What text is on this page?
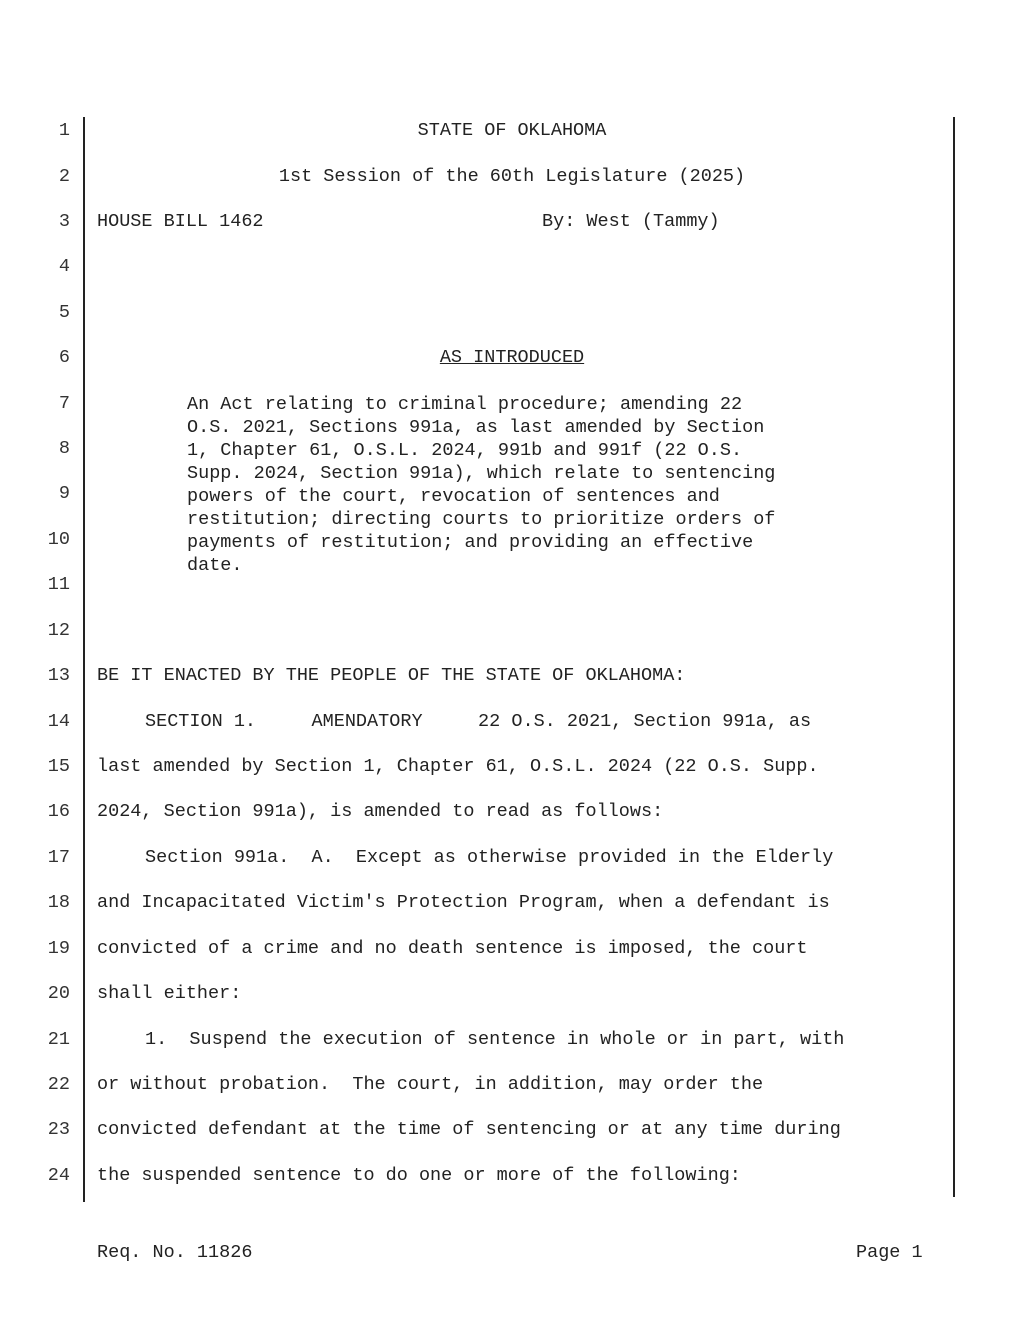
1
2
3
4
5
6
7
8
9
10
11
12
13
14
15
16
17
18
19
20
21
22
23
24
STATE OF OKLAHOMA
1st Session of the 60th Legislature (2025)
HOUSE BILL 1462	By: West (Tammy)
AS INTRODUCED
An Act relating to criminal procedure; amending 22
O.S. 2021, Sections 991a, as last amended by Section
1, Chapter 61, O.S.L. 2024, 991b and 991f (22 O.S.
Supp. 2024, Section 991a), which relate to sentencing
powers of the court, revocation of sentences and
restitution; directing courts to prioritize orders of
payments of restitution; and providing an effective
date.
BE IT ENACTED BY THE PEOPLE OF THE STATE OF OKLAHOMA:
SECTION 1.     AMENDATORY     22 O.S. 2021, Section 991a, as
last amended by Section 1, Chapter 61, O.S.L. 2024 (22 O.S. Supp.
2024, Section 991a), is amended to read as follows:
Section 991a.  A.  Except as otherwise provided in the Elderly
and Incapacitated Victim's Protection Program, when a defendant is
convicted of a crime and no death sentence is imposed, the court
shall either:
1.  Suspend the execution of sentence in whole or in part, with
or without probation.  The court, in addition, may order the
convicted defendant at the time of sentencing or at any time during
the suspended sentence to do one or more of the following:
Req. No. 11826	Page 1
